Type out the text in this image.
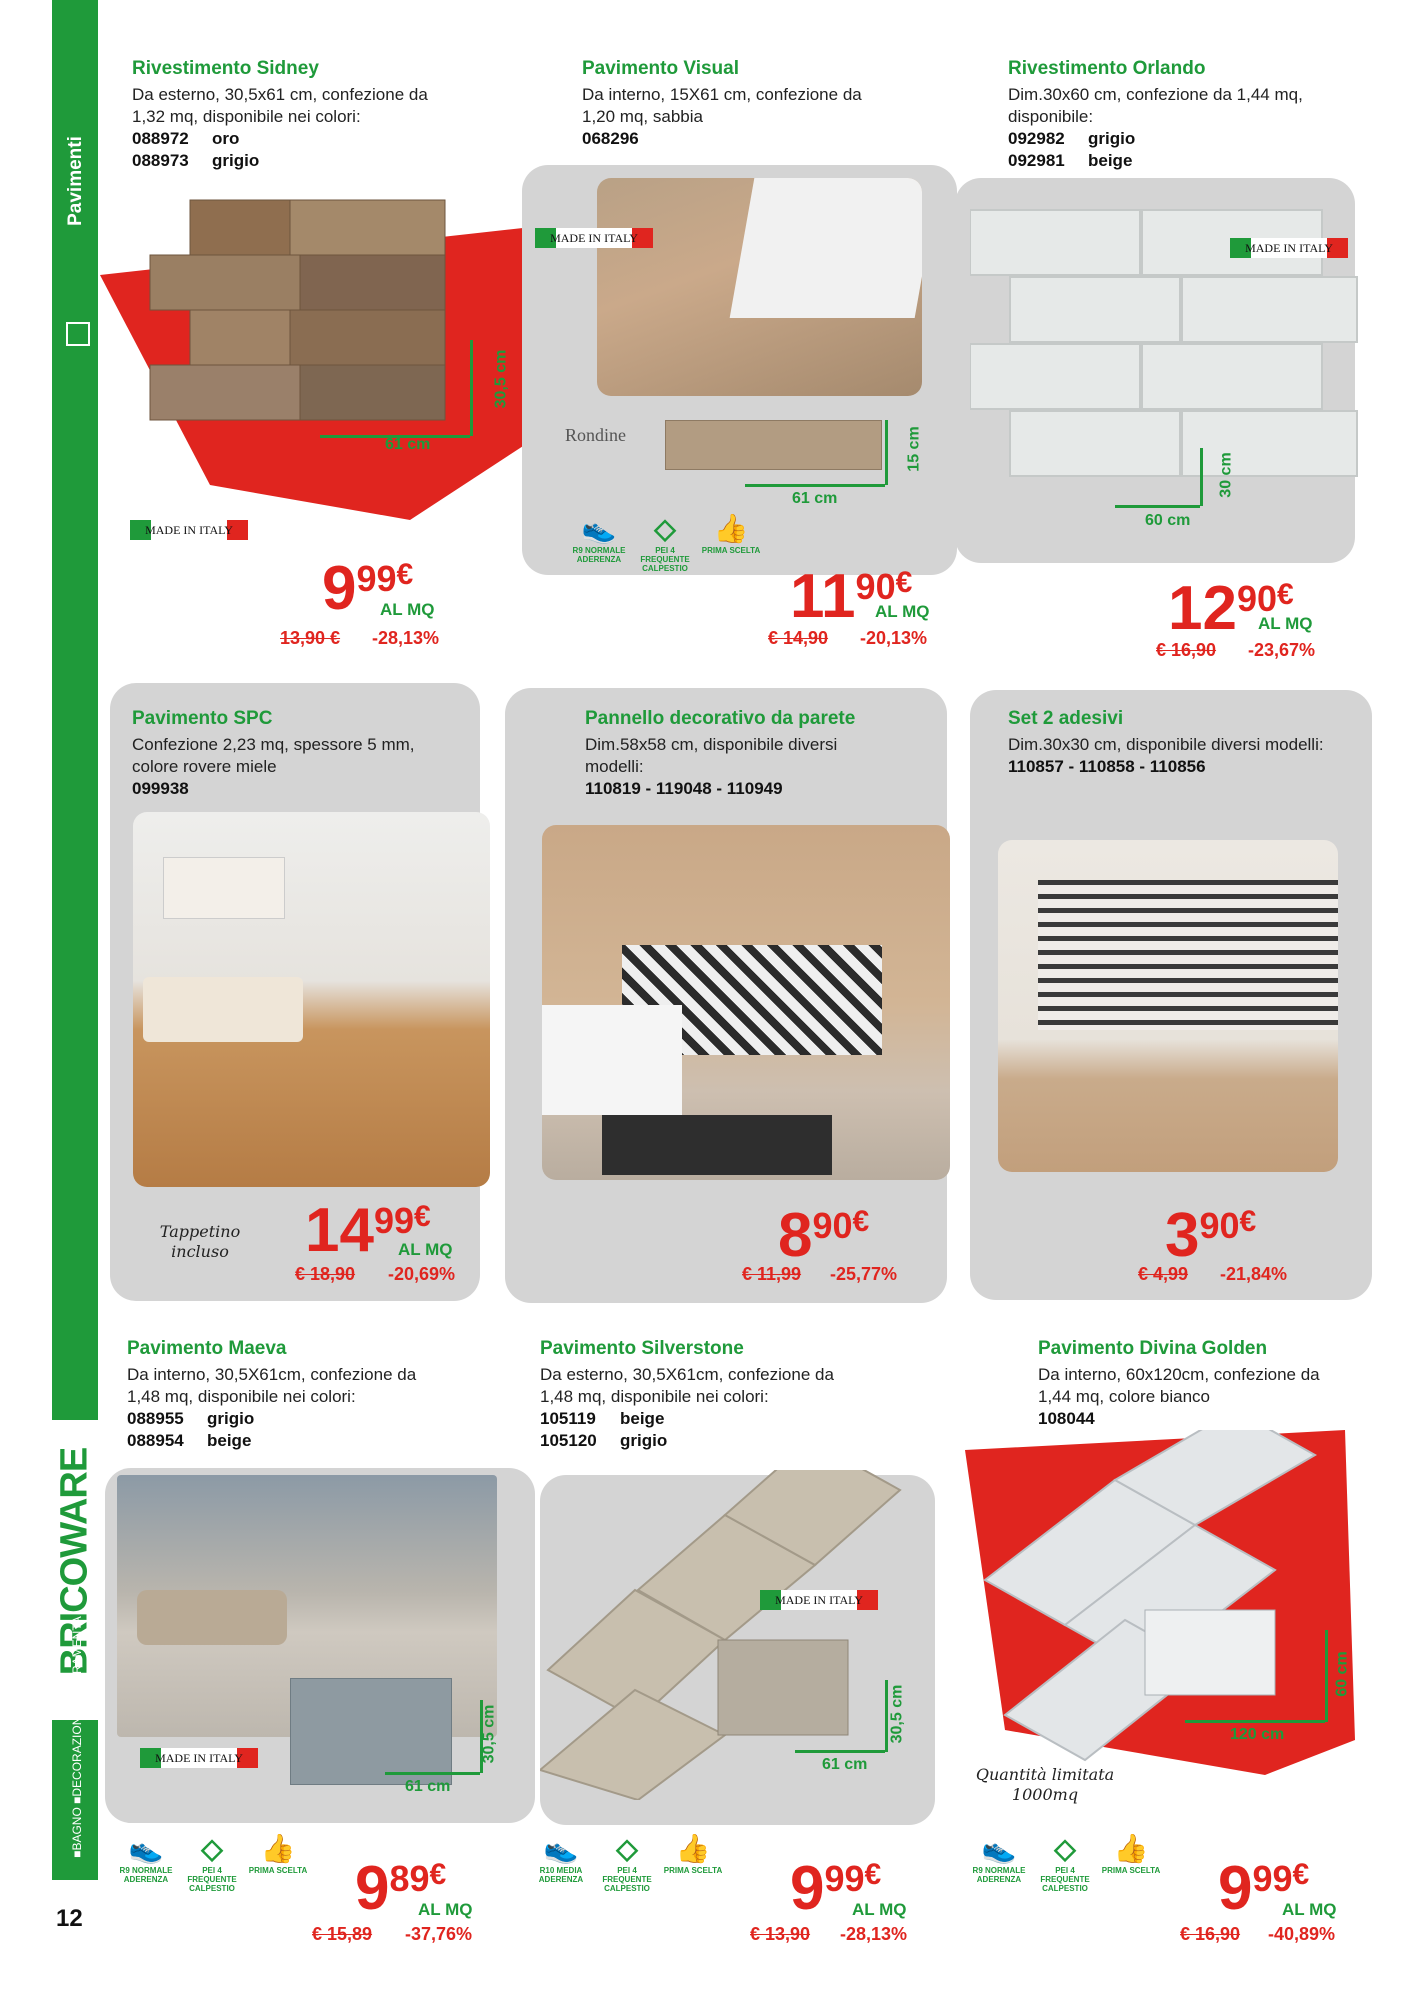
Pavimenti
BRICOWARE
■BAGNO ■DECORAZIONE ■FERRAMENTA
12
Rivestimento Sidney
Da esterno, 30,5x61 cm, confezione da 1,32 mq, disponibile nei colori:
088972 oro
088973 grigio
61 cm
30,5 cm
MADE IN ITALY
999€
AL MQ
13,90 € -28,13%
Pavimento Visual
Da interno, 15X61 cm, confezione da 1,20 mq, sabbia
068296
MADE IN ITALY
Rondine
61 cm
15 cm
👟
R9 NORMALE ADERENZA
◇
PEI 4 FREQUENTE CALPESTIO
👍
PRIMA SCELTA
1190€
AL MQ
€ 14,90 -20,13%
Rivestimento Orlando
Dim.30x60 cm, confezione da 1,44 mq, disponibile:
092982 grigio
092981 beige
MADE IN ITALY
60 cm
30 cm
1290€
AL MQ
€ 16,90 -23,67%
Pavimento SPC
Confezione 2,23 mq, spessore 5 mm, colore rovere miele
099938
Tappetino incluso 1499€
AL MQ
€ 18,90 -20,69%
Pannello decorativo da parete
Dim.58x58 cm, disponibile diversi modelli:
110819 - 119048 - 110949
890€
€ 11,99 -25,77%
Set 2 adesivi
Dim.30x30 cm, disponibile diversi modelli:
110857 - 110858 - 110856
390€
€ 4,99 -21,84%
Pavimento Maeva
Da interno, 30,5X61cm, confezione da 1,48 mq, disponibile nei colori:
088955 grigio
088954 beige
MADE IN ITALY
61 cm
30,5 cm
👟
R9 NORMALE ADERENZA
◇
PEI 4 FREQUENTE CALPESTIO
👍
PRIMA SCELTA 989€
AL MQ
€ 15,89 -37,76%
Pavimento Silverstone
Da esterno, 30,5X61cm, confezione da 1,48 mq, disponibile nei colori:
105119 beige
105120 grigio
MADE IN ITALY
61 cm
30,5 cm
👟
R10 MEDIA ADERENZA
◇
PEI 4 FREQUENTE CALPESTIO
👍
PRIMA SCELTA 999€
AL MQ
€ 13,90 -28,13%
Pavimento Divina Golden
Da interno, 60x120cm, confezione da 1,44 mq, colore bianco
108044
120 cm
60 cm
Quantità limitata 1000mq
👟
R9 NORMALE ADERENZA
◇
PEI 4 FREQUENTE CALPESTIO
👍
PRIMA SCELTA 999€
AL MQ
€ 16,90 -40,89%
